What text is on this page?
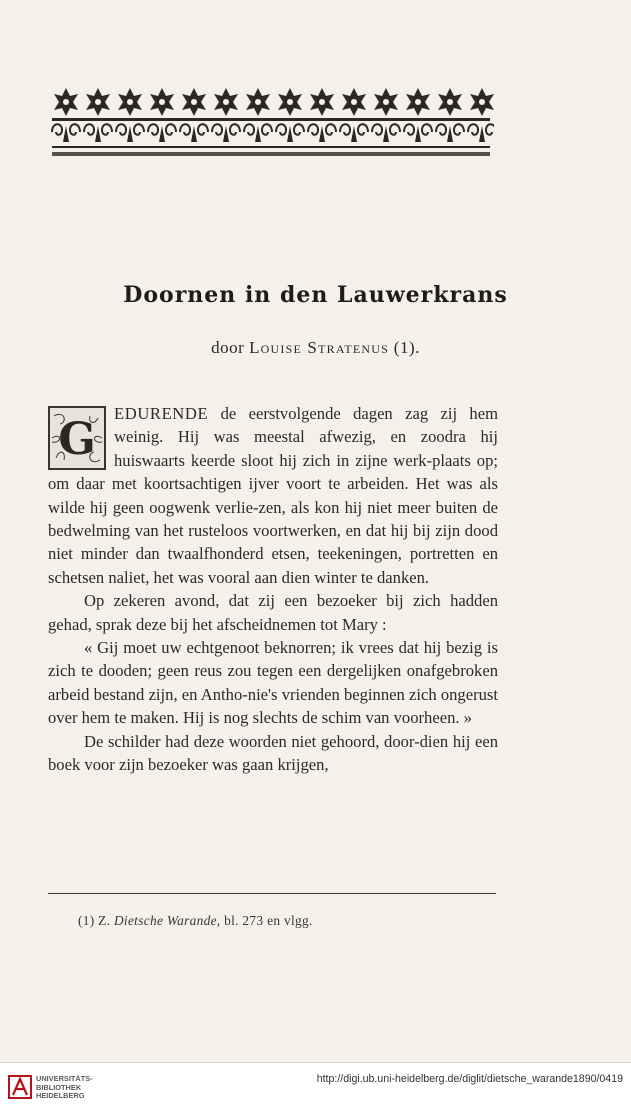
Doornen in den Lauwerkrans
door Louise Stratenus (1).

G
EDURENDE de eerstvolgende dagen zag zij hem weinig. Hij was meestal afwezig, en zoodra hij huiswaarts keerde sloot hij zich in zijne werk-plaats op; om daar met koortsachtigen ijver voort te arbeiden. Het was als wilde hij geen oogwenk verlie-zen, als kon hij niet meer buiten de bedwelming van het rusteloos voortwerken, en dat hij bij zijn dood niet minder dan twaalfhonderd etsen, teekeningen, portretten en schetsen naliet, het was vooral aan dien winter te danken.

Op zekeren avond, dat zij een bezoeker bij zich hadden gehad, sprak deze bij het afscheidnemen tot Mary :

« Gij moet uw echtgenoot beknorren; ik vrees dat hij bezig is zich te dooden; geen reus zou tegen een dergelijken onafgebroken arbeid bestand zijn, en Antho-nie's vrienden beginnen zich ongerust over hem te maken. Hij is nog slechts de schim van voorheen. »

De schilder had deze woorden niet gehoord, door-dien hij een boek voor zijn bezoeker was gaan krijgen,

(1) Z. Dietsche Warande, bl. 273 en vlgg.
UNIVERSITÄTS-
BIBLIOTHEK
HEIDELBERG
http://digi.ub.uni-heidelberg.de/diglit/dietsche_warande1890/0419
